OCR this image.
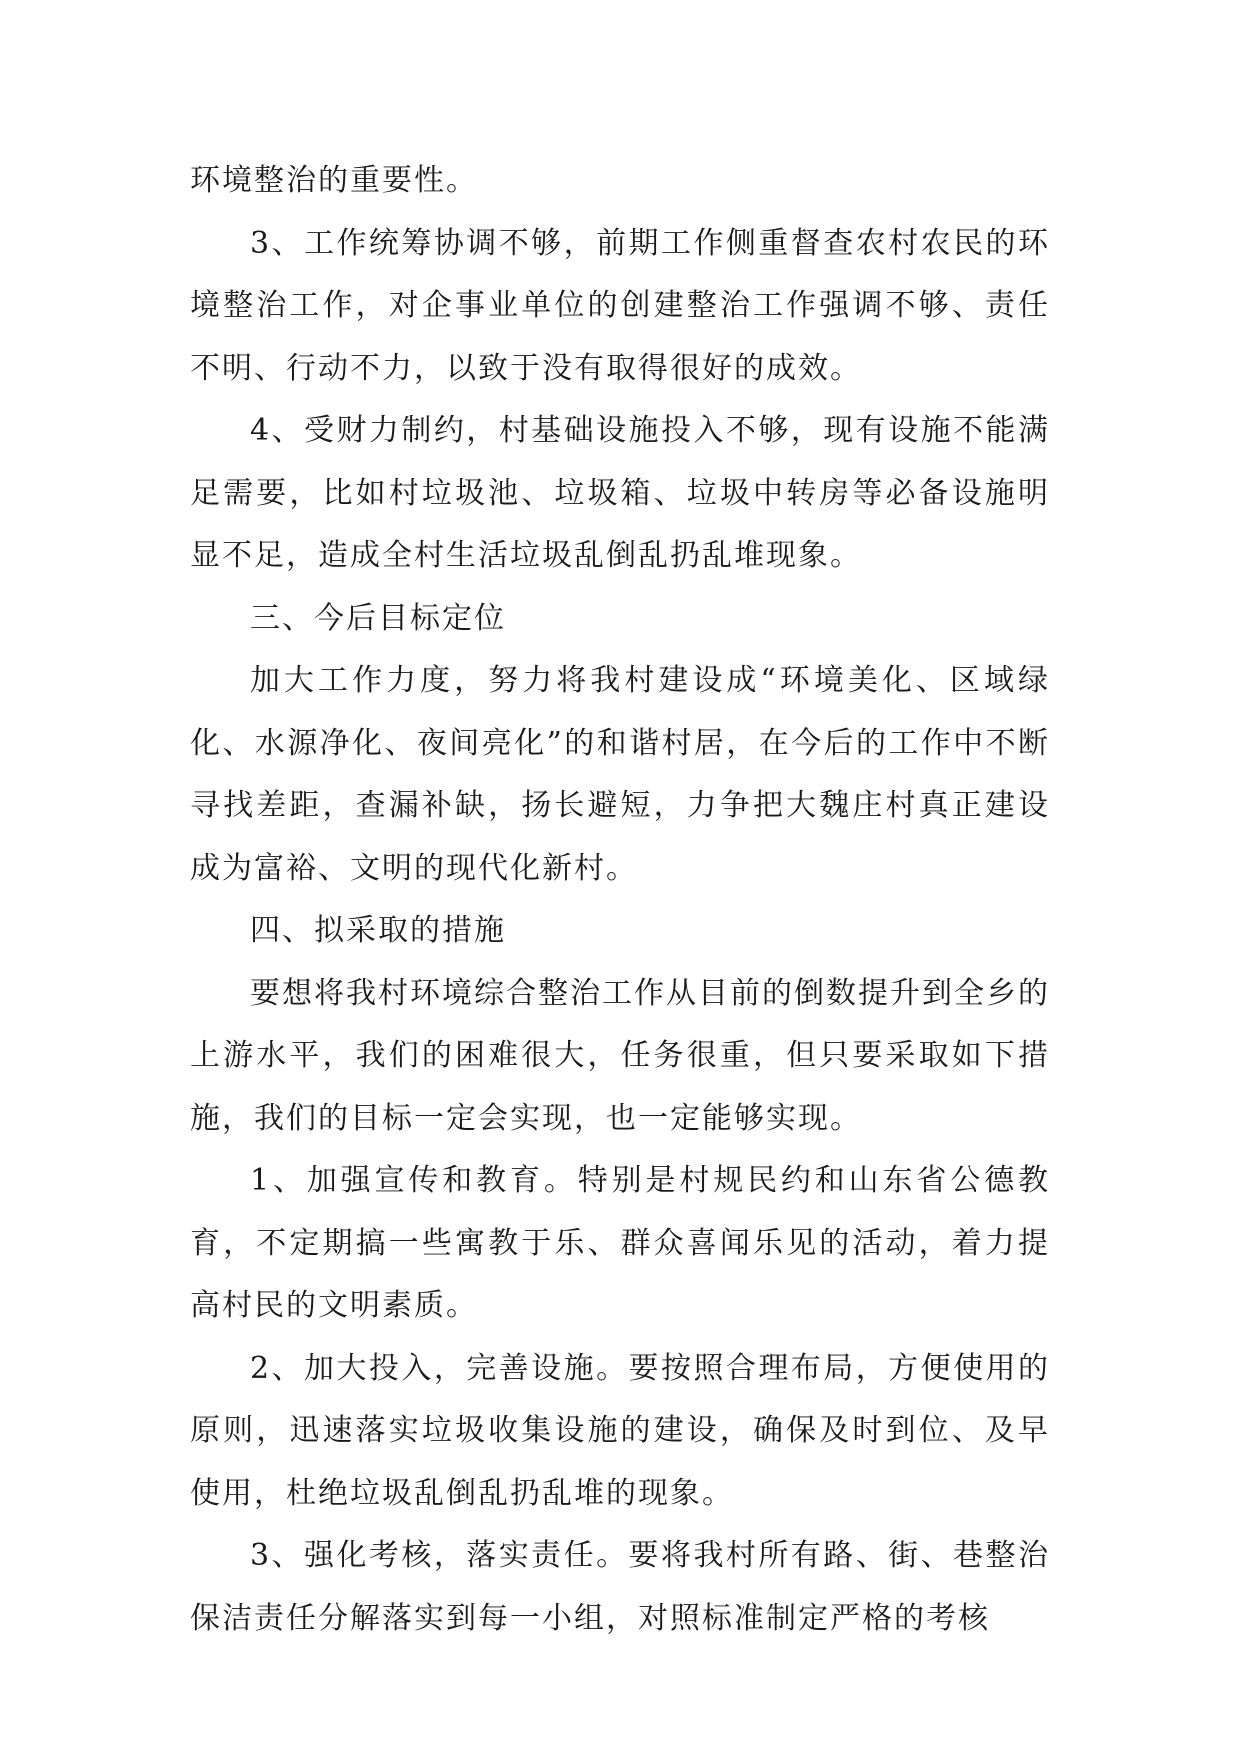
环境整治的重要性。

3、工作统筹协调不够，前期工作侧重督查农村农民的环境整治工作，对企事业单位的创建整治工作强调不够、责任不明、行动不力，以致于没有取得很好的成效。

4、受财力制约，村基础设施投入不够，现有设施不能满足需要，比如村垃圾池、垃圾箱、垃圾中转房等必备设施明显不足，造成全村生活垃圾乱倒乱扔乱堆现象。

三、今后目标定位

加大工作力度，努力将我村建设成“环境美化、区域绿化、水源净化、夜间亮化”的和谐村居，在今后的工作中不断寻找差距，查漏补缺，扬长避短，力争把大魏庄村真正建设成为富裕、文明的现代化新村。

四、拟采取的措施

要想将我村环境综合整治工作从目前的倒数提升到全乡的上游水平，我们的困难很大，任务很重，但只要采取如下措施，我们的目标一定会实现，也一定能够实现。

1、加强宣传和教育。特别是村规民约和山东省公德教育，不定期搞一些寓教于乐、群众喜闻乐见的活动，着力提高村民的文明素质。

2、加大投入，完善设施。要按照合理布局，方便使用的原则，迅速落实垃圾收集设施的建设，确保及时到位、及早使用，杜绝垃圾乱倒乱扔乱堆的现象。

3、强化考核，落实责任。要将我村所有路、街、巷整治保洁责任分解落实到每一小组，对照标准制定严格的考核
